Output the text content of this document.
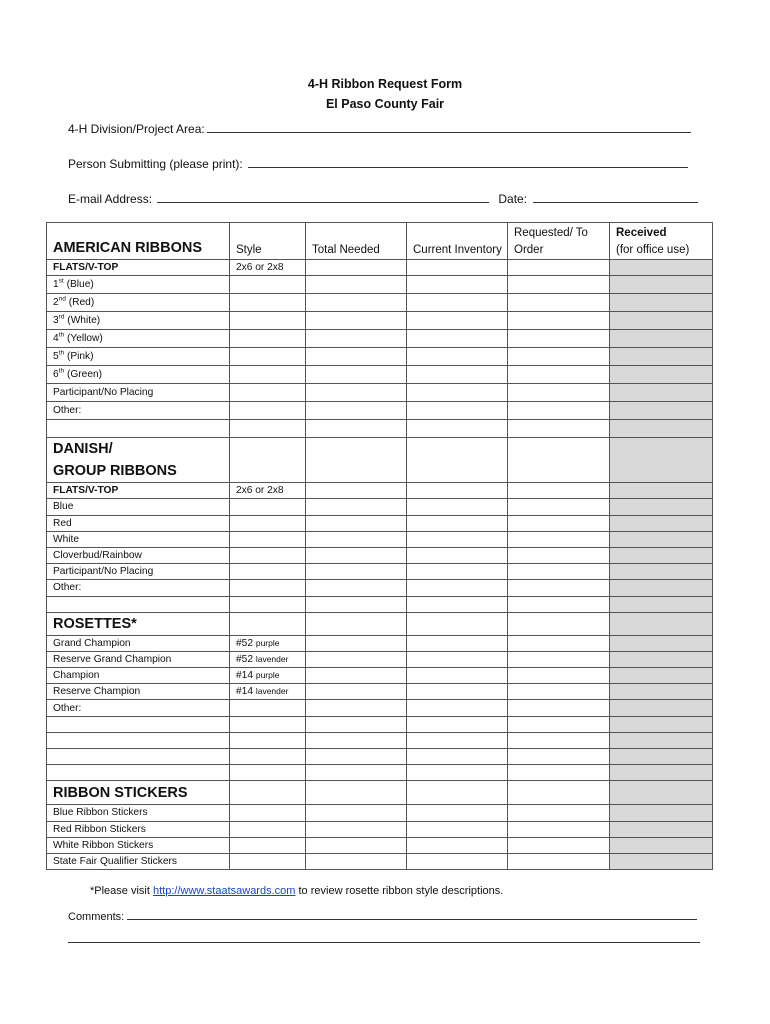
4-H Ribbon Request Form
El Paso County Fair
4-H Division/Project Area:
Person Submitting (please print):
E-mail Address:	Date:
AMERICAN RIBBONS	Style	Total Needed	Current Inventory	Requested/ To Order	Received
(for office use)
FLATS/V-TOP	2x6 or 2x8				
1st (Blue)					
2nd (Red)					
3rd (White)					
4th (Yellow)					
5th (Pink)					
6th (Green)					
Participant/No Placing					
Other:					

DANISH/
GROUP RIBBONS					
FLATS/V-TOP	2x6 or 2x8				
Blue					
Red					
White					
Cloverbud/Rainbow					
Participant/No Placing					
Other:					

ROSETTES*					
Grand Champion	#52 purple				
Reserve Grand Champion	#52 lavender				
Champion	#14 purple				
Reserve Champion	#14 lavender				
Other:					

RIBBON STICKERS					
Blue Ribbon Stickers					
Red Ribbon Stickers					
White Ribbon Stickers					
State Fair Qualifier Stickers					
*Please visit http://www.staatsawards.com to review rosette ribbon style descriptions.
Comments:
